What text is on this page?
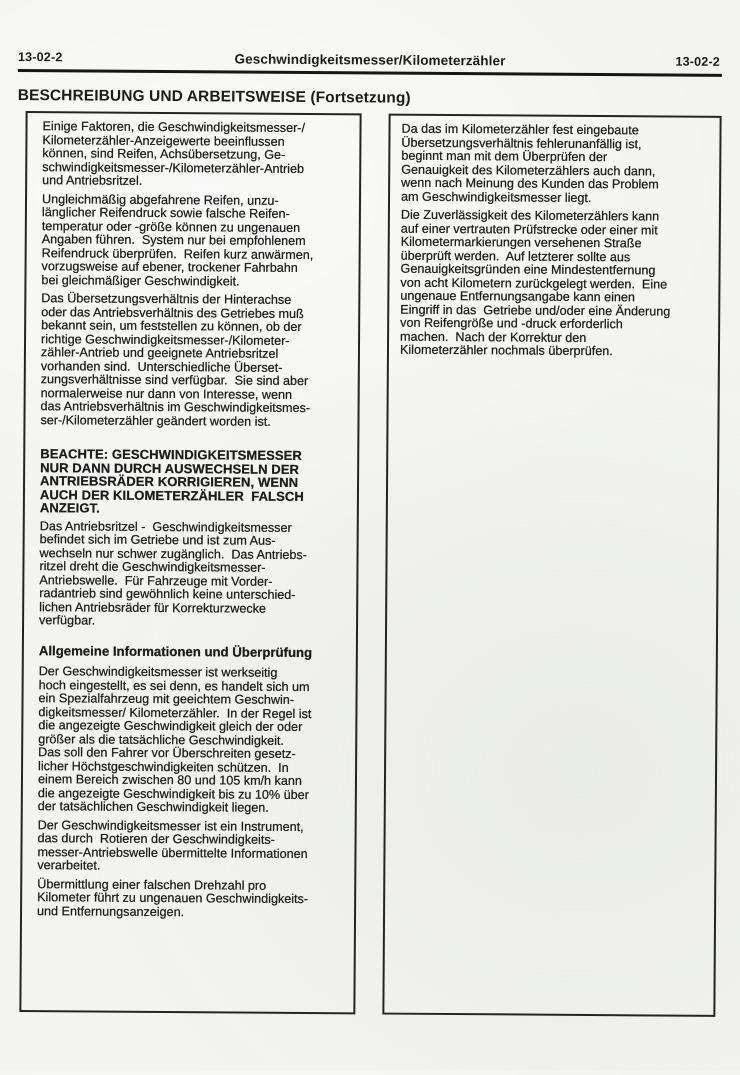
13-02-2	Geschwindigkeitsmesser/Kilometerzähler	13-02-2
BESCHREIBUNG UND ARBEITSWEISE (Fortsetzung)

Einige Faktoren, die Geschwindigkeitsmesser-/
Kilometerzähler-Anzeigewerte beeinflussen
können, sind Reifen, Achsübersetzung, Ge-
schwindigkeitsmesser-/Kilometerzähler-Antrieb
und Antriebsritzel.

Ungleichmäßig abgefahrene Reifen, unzu-
länglicher Reifendruck sowie falsche Reifen-
temperatur oder -größe können zu ungenauen
Angaben führen.  System nur bei empfohlenem
Reifendruck überprüfen.  Reifen kurz anwärmen,
vorzugsweise auf ebener, trockener Fahrbahn
bei gleichmäßiger Geschwindigkeit.

Das Übersetzungsverhältnis der Hinterachse
oder das Antriebsverhältnis des Getriebes muß
bekannt sein, um feststellen zu können, ob der
richtige Geschwindigkeitsmesser-/Kilometer-
zähler-Antrieb und geeignete Antriebsritzel
vorhanden sind.  Unterschiedliche Überset-
zungsverhältnisse sind verfügbar.  Sie sind aber
normalerweise nur dann von Interesse, wenn
das Antriebsverhältnis im Geschwindigkeitsmes-
ser-/Kilometerzähler geändert worden ist.

BEACHTE: GESCHWINDIGKEITSMESSER
NUR DANN DURCH AUSWECHSELN DER
ANTRIEBSRÄDER KORRIGIEREN, WENN
AUCH DER KILOMETERZÄHLER  FALSCH
ANZEIGT.

Das Antriebsritzel -  Geschwindigkeitsmesser
befindet sich im Getriebe und ist zum Aus-
wechseln nur schwer zugänglich.  Das Antriebs-
ritzel dreht die Geschwindigkeitsmesser-
Antriebswelle.  Für Fahrzeuge mit Vorder-
radantrieb sind gewöhnlich keine unterschied-
lichen Antriebsräder für Korrekturzwecke
verfügbar.

Allgemeine Informationen und Überprüfung

Der Geschwindigkeitsmesser ist werkseitig
hoch eingestellt, es sei denn, es handelt sich um
ein Spezialfahrzeug mit geeichtem Geschwin-
digkeitsmesser/ Kilometerzähler.  In der Regel ist
die angezeigte Geschwindigkeit gleich der oder
größer als die tatsächliche Geschwindigkeit.
Das soll den Fahrer vor Überschreiten gesetz-
licher Höchstgeschwindigkeiten schützen.  In
einem Bereich zwischen 80 und 105 km/h kann
die angezeigte Geschwindigkeit bis zu 10% über
der tatsächlichen Geschwindigkeit liegen.

Der Geschwindigkeitsmesser ist ein Instrument,
das durch  Rotieren der Geschwindigkeits-
messer-Antriebswelle übermittelte Informationen
verarbeitet.

Übermittlung einer falschen Drehzahl pro
Kilometer führt zu ungenauen Geschwindigkeits-
und Entfernungsanzeigen.

Da das im Kilometerzähler fest eingebaute
Übersetzungsverhältnis fehlerunanfällig ist,
beginnt man mit dem Überprüfen der
Genauigkeit des Kilometerzählers auch dann,
wenn nach Meinung des Kunden das Problem
am Geschwindigkeitsmesser liegt.

Die Zuverlässigkeit des Kilometerzählers kann
auf einer vertrauten Prüfstrecke oder einer mit
Kilometermarkierungen versehenen Straße
überprüft werden.  Auf letzterer sollte aus
Genauigkeitsgründen eine Mindestentfernung
von acht Kilometern zurückgelegt werden.  Eine
ungenaue Entfernungsangabe kann einen
Eingriff in das  Getriebe und/oder eine Änderung
von Reifengröße und -druck erforderlich
machen.  Nach der Korrektur den
Kilometerzähler nochmals überprüfen.
